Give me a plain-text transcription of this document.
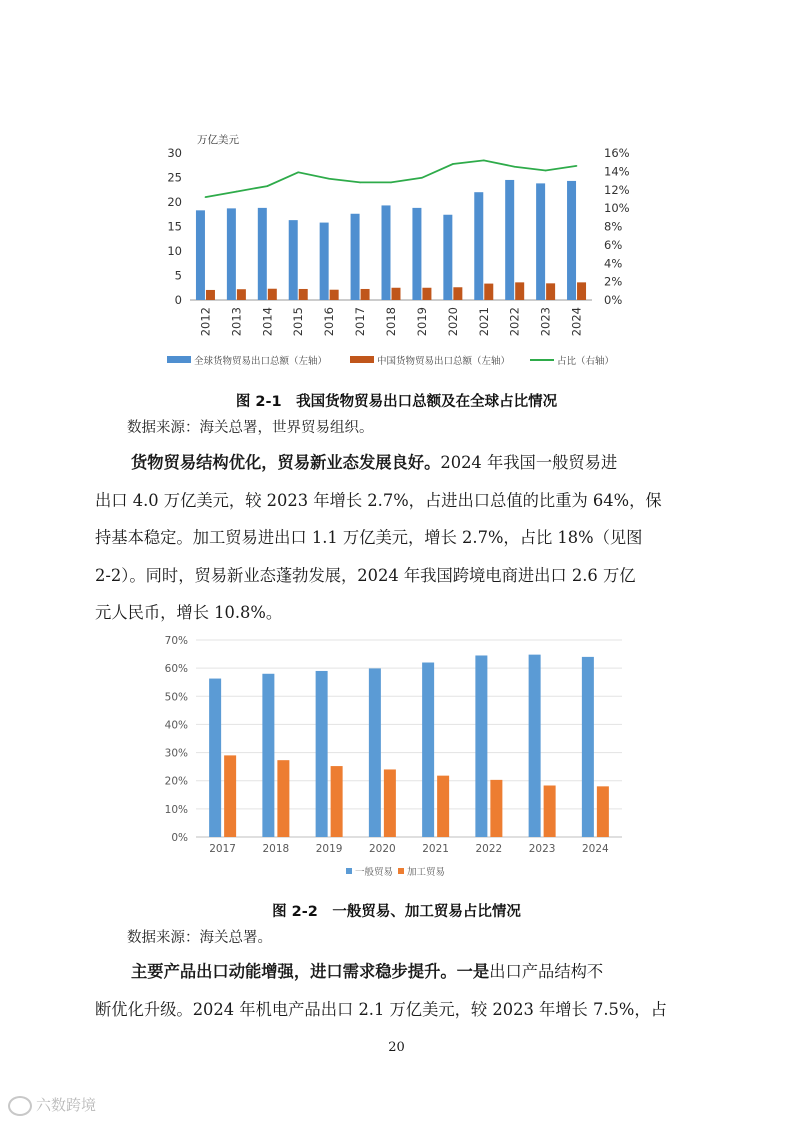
万亿美元
0
5
10
15
20
25
30
0%
2%
4%
6%
8%
10%
12%
14%
16%
2012 2013 2014 2015 2016 2017 2018 2019 2020 2021 2022 2023 2024
全球货物贸易出口总额（左轴）	中国货物贸易出口总额（左轴）	占比（右轴）
图 2-1　我国货物贸易出口总额及在全球占比情况
数据来源：海关总署，世界贸易组织。
货物贸易结构优化，贸易新业态发展良好。2024 年我国一般贸易进
出口 4.0 万亿美元，较 2023 年增长 2.7%，占进出口总值的比重为 64%，保
持基本稳定。加工贸易进出口 1.1 万亿美元，增长 2.7%，占比 18%（见图
2-2）。同时，贸易新业态蓬勃发展，2024 年我国跨境电商进出口 2.6 万亿
元人民币，增长 10.8%。
0%
10%
20%
30%
40%
50%
60%
70%
2017	2018	2019	2020	2021	2022	2023	2024
一般贸易 加工贸易
图 2-2　一般贸易、加工贸易占比情况
数据来源：海关总署。
主要产品出口动能增强，进口需求稳步提升。一是出口产品结构不
断优化升级。2024 年机电产品出口 2.1 万亿美元，较 2023 年增长 7.5%，占
20
六数跨境
